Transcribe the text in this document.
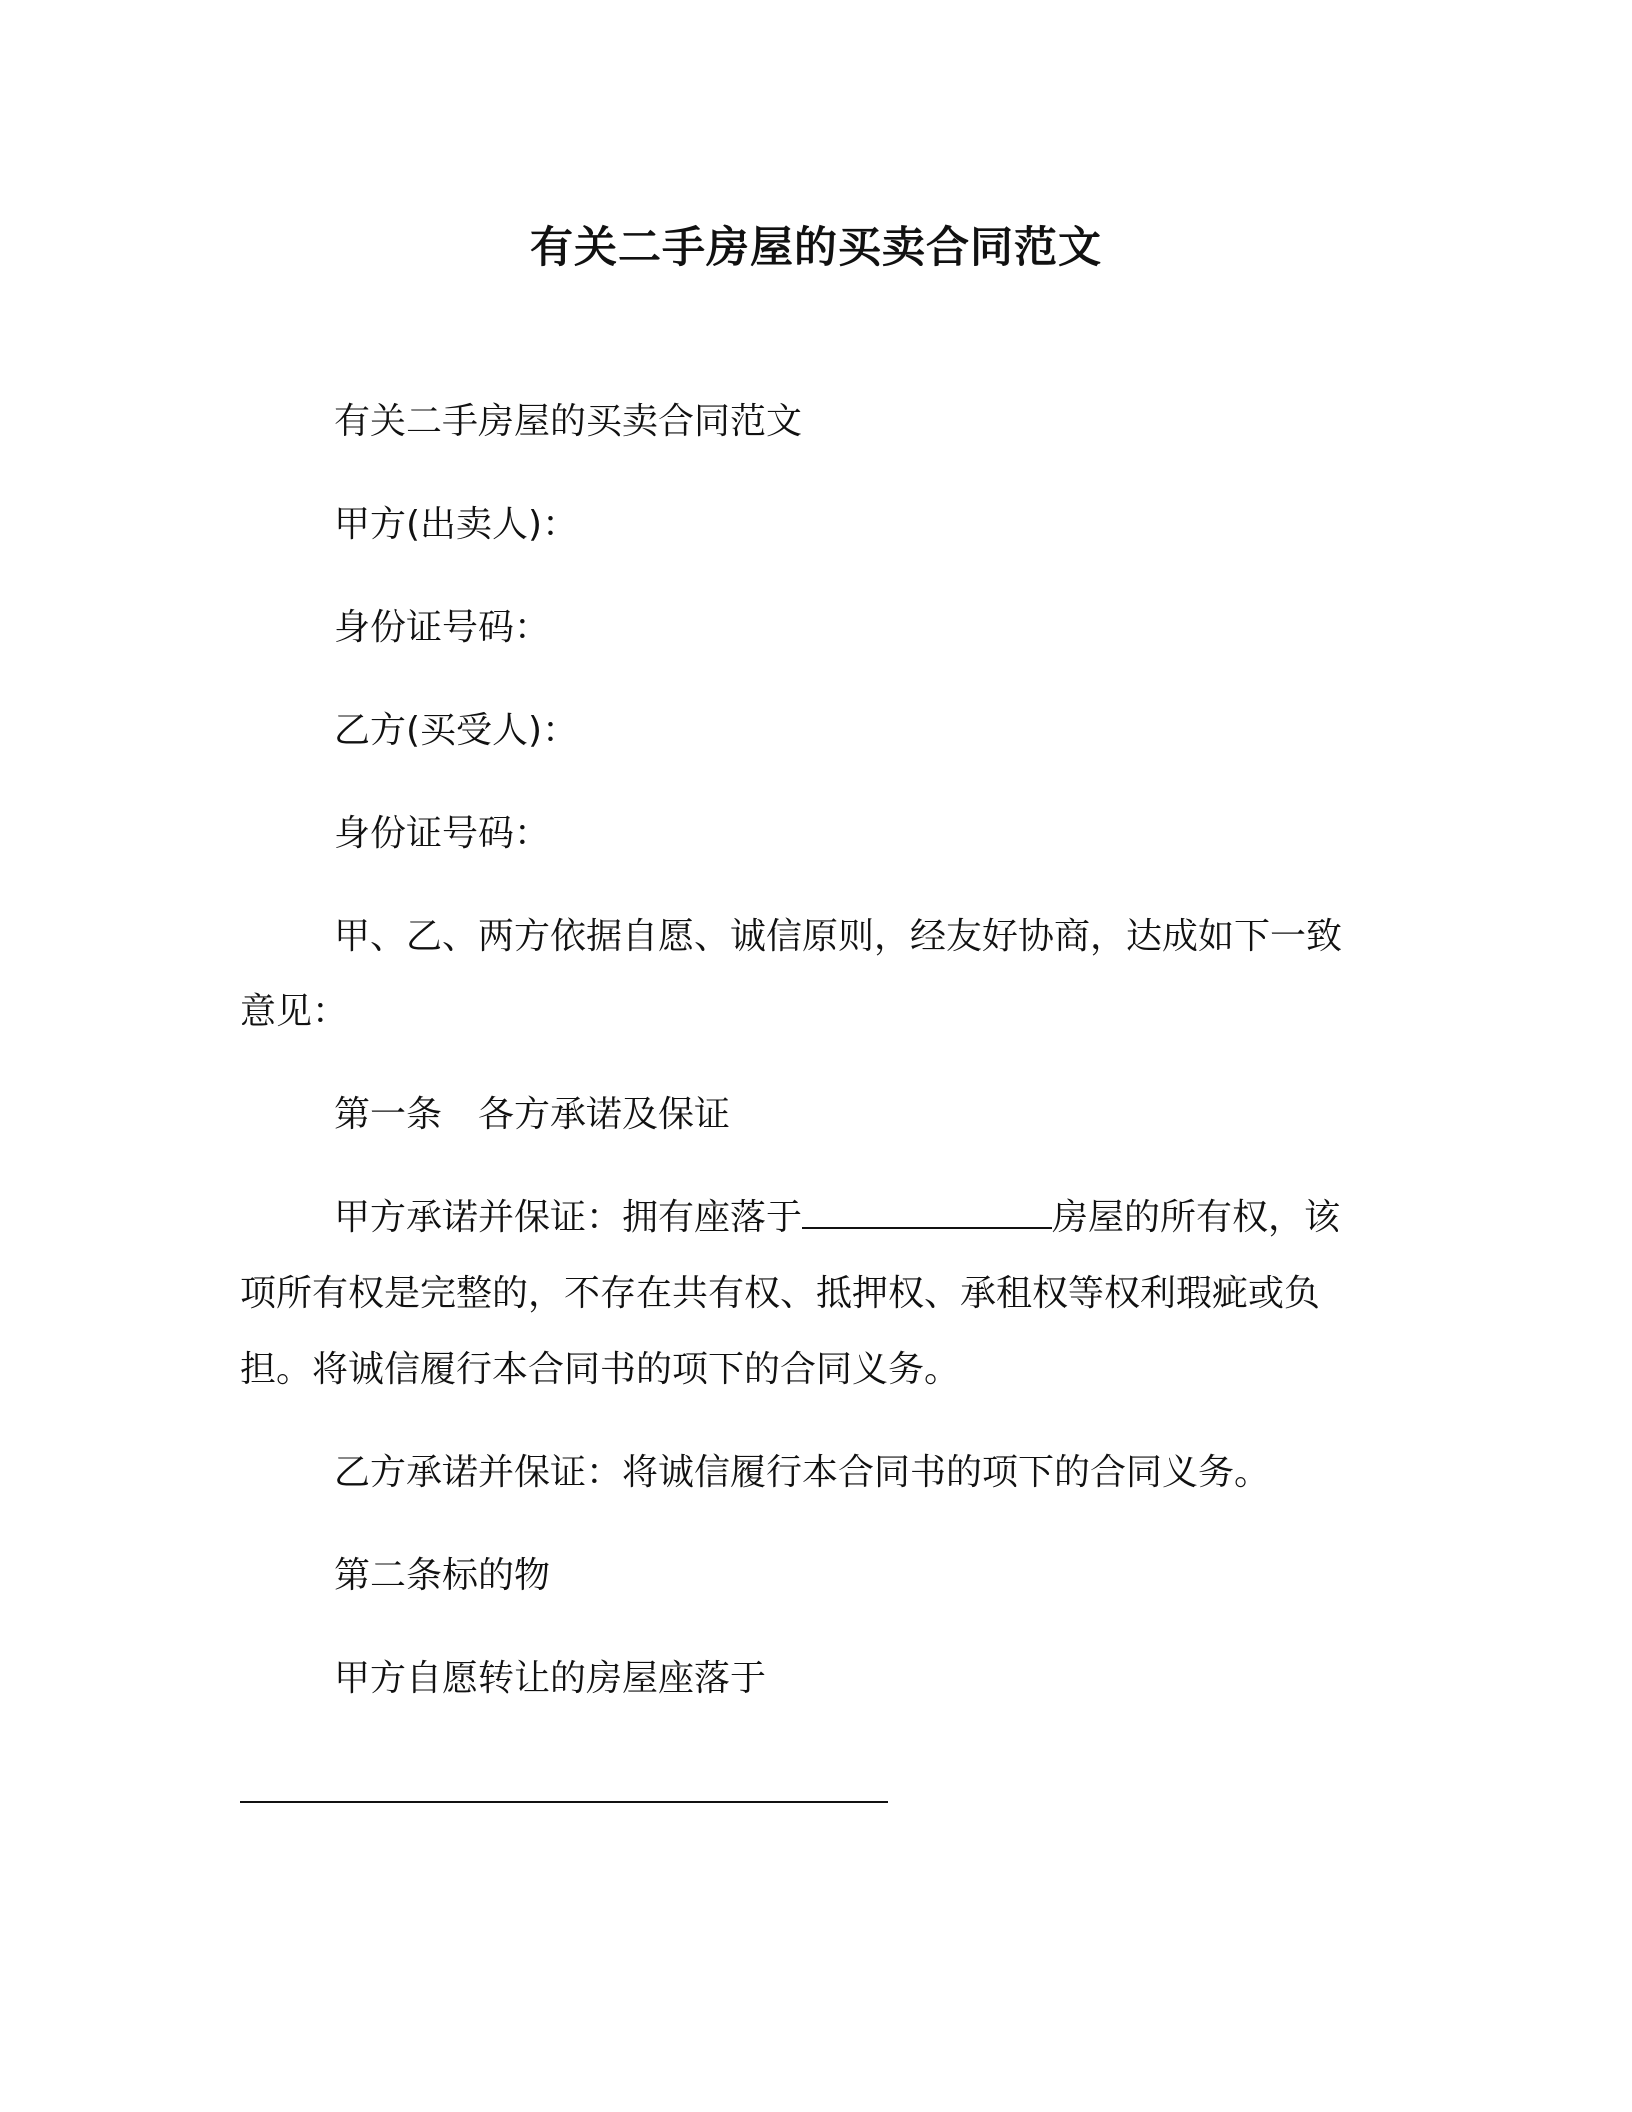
有关二手房屋的买卖合同范文
有关二手房屋的买卖合同范文
甲方(出卖人)：
身份证号码：
乙方(买受人)：
身份证号码：
甲、乙、两方依据自愿、诚信原则，经友好协商，达成如下一致
意见：
第一条　各方承诺及保证
甲方承诺并保证：拥有座落于	房屋的所有权，该
项所有权是完整的，不存在共有权、抵押权、承租权等权利瑕疵或负
担。将诚信履行本合同书的项下的合同义务。
乙方承诺并保证：将诚信履行本合同书的项下的合同义务。
第二条标的物
甲方自愿转让的房屋座落于
